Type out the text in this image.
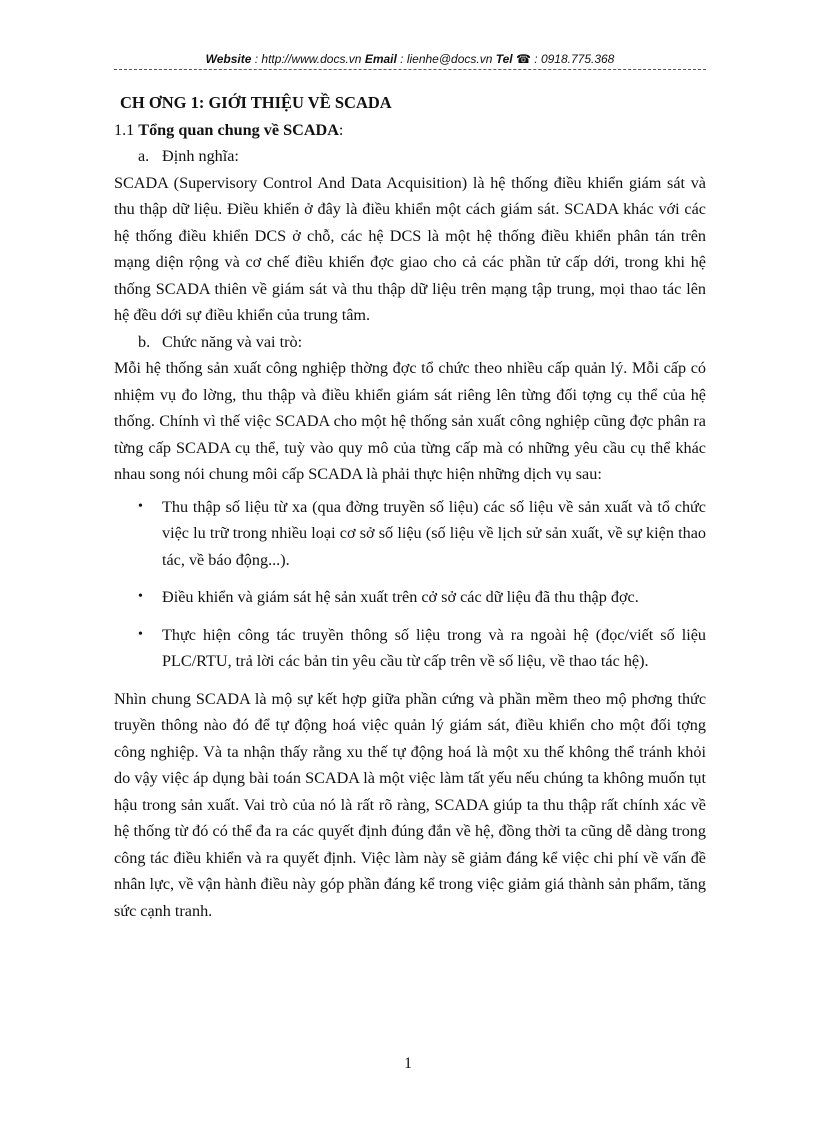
Website : http://www.docs.vn Email : lienhe@docs.vn Tel ☎ : 0918.775.368

CH ƠNG 1: GIỚI THIỆU VỀ SCADA

1.1 Tổng quan chung về SCADA:

a. Định nghĩa:

SCADA (Supervisory Control And Data Acquisition) là hệ thống điều khiển giám sát và thu thập dữ liệu. Điều khiển ở đây là điều khiển một cách giám sát. SCADA khác với các hệ thống điều khiển DCS ở chỗ, các hệ DCS là một hệ thống điều khiển phân tán trên mạng diện rộng và cơ chế điều khiển đợc giao cho cả các phần tử cấp dới, trong khi hệ thống SCADA thiên về giám sát và thu thập dữ liệu trên mạng tập trung, mọi thao tác lên hệ đều dới sự điều khiển của trung tâm.

b. Chức năng và vai trò:

Mỗi hệ thống sản xuất công nghiệp thờng đợc tổ chức theo nhiều cấp quản lý. Mỗi cấp có nhiệm vụ đo lờng, thu thập và điều khiển giám sát riêng lên từng đối tợng cụ thể của hệ thống. Chính vì thế việc SCADA cho một hệ thống sản xuất công nghiệp cũng đợc phân ra từng cấp SCADA cụ thể, tuỳ vào quy mô của từng cấp mà có những yêu cầu cụ thể khác nhau song nói chung môi cấp SCADA là phải thực hiện những dịch vụ sau:

• Thu thập số liệu từ xa (qua đờng truyền số liệu) các số liệu về sản xuất và tổ chức việc lu trữ trong nhiều loại cơ sở số liệu (số liệu về lịch sử sản xuất, về sự kiện thao tác, về báo động...).
• Điều khiển và giám sát hệ sản xuất trên cở sở các dữ liệu đã thu thập đợc.
• Thực hiện công tác truyền thông số liệu trong và ra ngoài hệ (đọc/viết số liệu PLC/RTU, trả lời các bản tin yêu cầu từ cấp trên về số liệu, về thao tác hệ).

Nhìn chung SCADA là mộ sự kết hợp giữa phần cứng và phần mềm theo mộ phơng thức truyền thông nào đó để tự động hoá việc quản lý giám sát, điều khiển cho một đối tợng công nghiệp. Và ta nhận thấy rằng xu thế tự động hoá là một xu thế không thể tránh khỏi do vậy việc áp dụng bài toán SCADA là một việc làm tất yếu nếu chúng ta không muốn tụt hậu trong sản xuất. Vai trò của nó là rất rõ ràng, SCADA giúp ta thu thập rất chính xác về hệ thống từ đó có thể đa ra các quyết định đúng đắn về hệ, đồng thời ta cũng dễ dàng trong công tác điều khiển và ra quyết định. Việc làm này sẽ giảm đáng kể việc chi phí về vấn đề nhân lực, về vận hành điều này góp phần đáng kể trong việc giảm giá thành sản phẩm, tăng sức cạnh tranh.

1
